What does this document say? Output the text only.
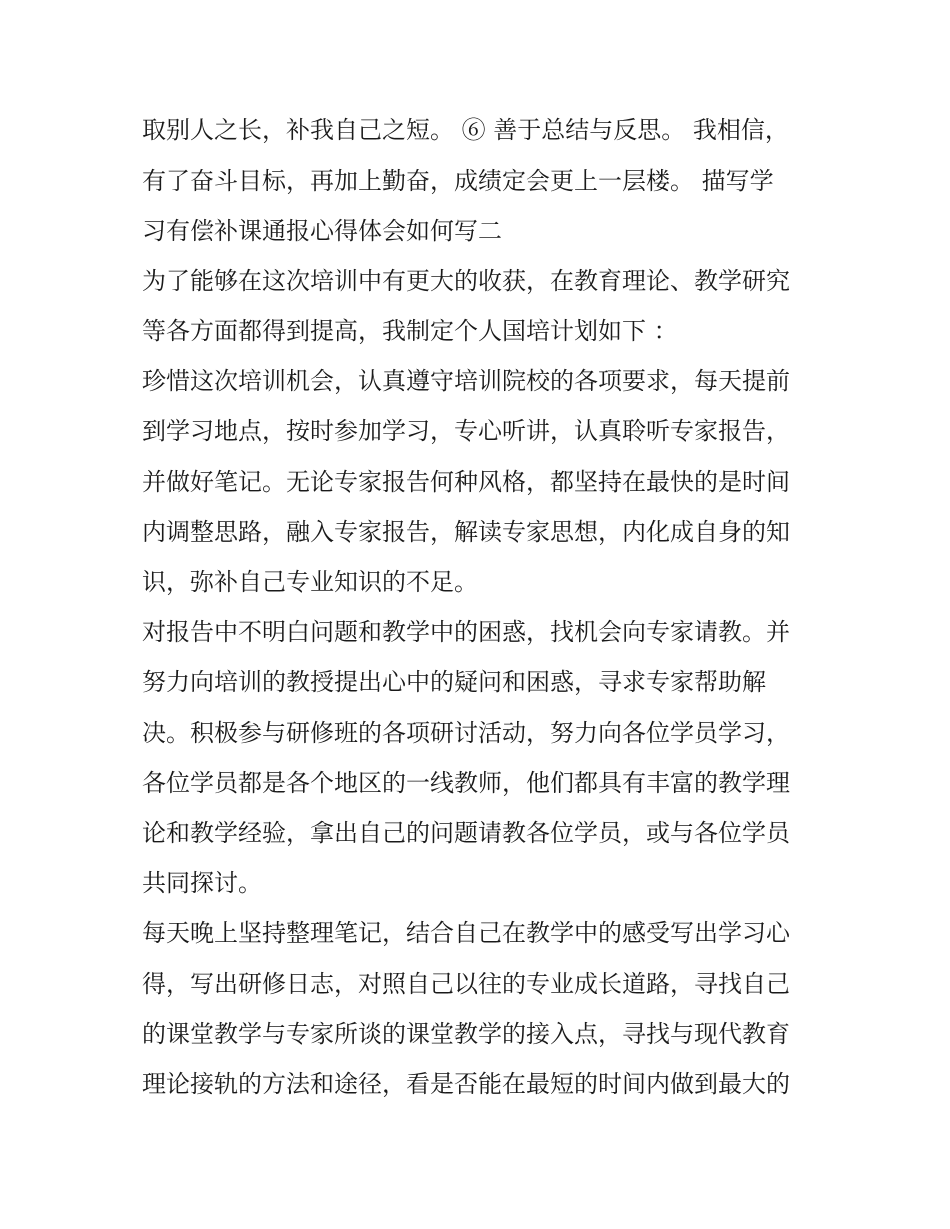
取别人之长，补我自己之短。 ⑥ 善于总结与反思。 我相信，
有了奋斗目标，再加上勤奋，成绩定会更上一层楼。 描写学
习有偿补课通报心得体会如何写二
为了能够在这次培训中有更大的收获，在教育理论、教学研究
等各方面都得到提高，我制定个人国培计划如下 ：
珍惜这次培训机会，认真遵守培训院校的各项要求，每天提前
到学习地点，按时参加学习，专心听讲，认真聆听专家报告，
并做好笔记。无论专家报告何种风格，都坚持在最快的是时间
内调整思路，融入专家报告，解读专家思想，内化成自身的知
识，弥补自己专业知识的不足。
对报告中不明白问题和教学中的困惑，找机会向专家请教。并
努力向培训的教授提出心中的疑问和困惑，寻求专家帮助解
决。积极参与研修班的各项研讨活动，努力向各位学员学习，
各位学员都是各个地区的一线教师，他们都具有丰富的教学理
论和教学经验，拿出自己的问题请教各位学员，或与各位学员
共同探讨。
每天晚上坚持整理笔记，结合自己在教学中的感受写出学习心
得，写出研修日志，对照自己以往的专业成长道路，寻找自己
的课堂教学与专家所谈的课堂教学的接入点，寻找与现代教育
理论接轨的方法和途径，看是否能在最短的时间内做到最大的
